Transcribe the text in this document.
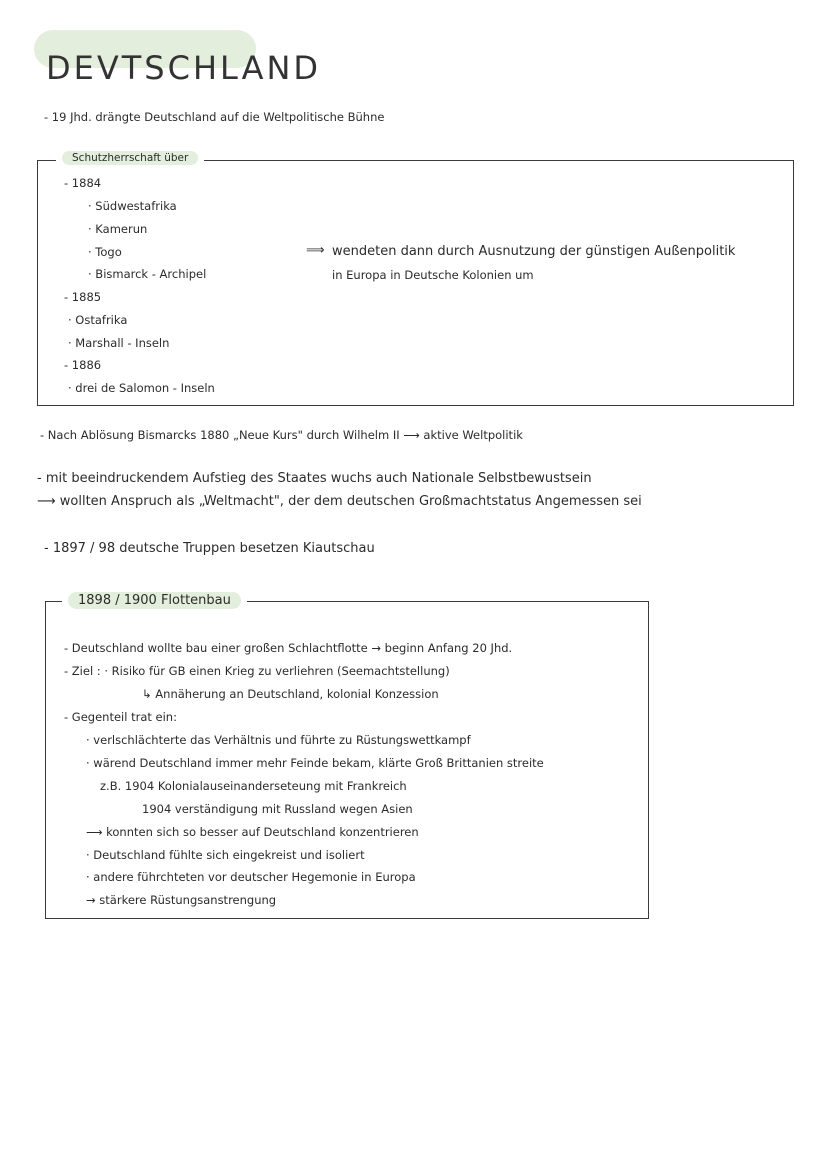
DEVTSCHLAND
- 19 Jhd. drängte Deutschland auf die Weltpolitische Bühne
Schutzherrschaft über
- 1884
· Südwestafrika
· Kamerun
· Togo
· Bismarck - Archipel
- 1885
· Ostafrika
· Marshall - Inseln
- 1886
· drei de Salomon - Inseln
⟹ wendeten dann durch Ausnutzung der günstigen Außenpolitik
in Europa in Deutsche Kolonien um
- Nach Ablösung Bismarcks 1880 „Neue Kurs" durch Wilhelm II ⟶ aktive Weltpolitik
- mit beeindruckendem Aufstieg des Staates wuchs auch Nationale Selbstbewustsein
⟶ wollten Anspruch als „Weltmacht", der dem deutschen Großmachtstatus Angemessen sei
- 1897 / 98 deutsche Truppen besetzen Kiautschau
1898 / 1900 Flottenbau
- Deutschland wollte bau einer großen Schlachtflotte → beginn Anfang 20 Jhd.
- Ziel : · Risiko für GB einen Krieg zu verliehren (Seemachtstellung)
↳ Annäherung an Deutschland, kolonial Konzession
- Gegenteil trat ein:
· verlschlächterte das Verhältnis und führte zu Rüstungswettkampf
· wärend Deutschland immer mehr Feinde bekam, klärte Groß Brittanien streite
z.B. 1904 Kolonialauseinanderseteung mit Frankreich
1904 verständigung mit Russland wegen Asien
⟶ konnten sich so besser auf Deutschland konzentrieren
· Deutschland fühlte sich eingekreist und isoliert
· andere führchteten vor deutscher Hegemonie in Europa
→ stärkere Rüstungsanstrengung
